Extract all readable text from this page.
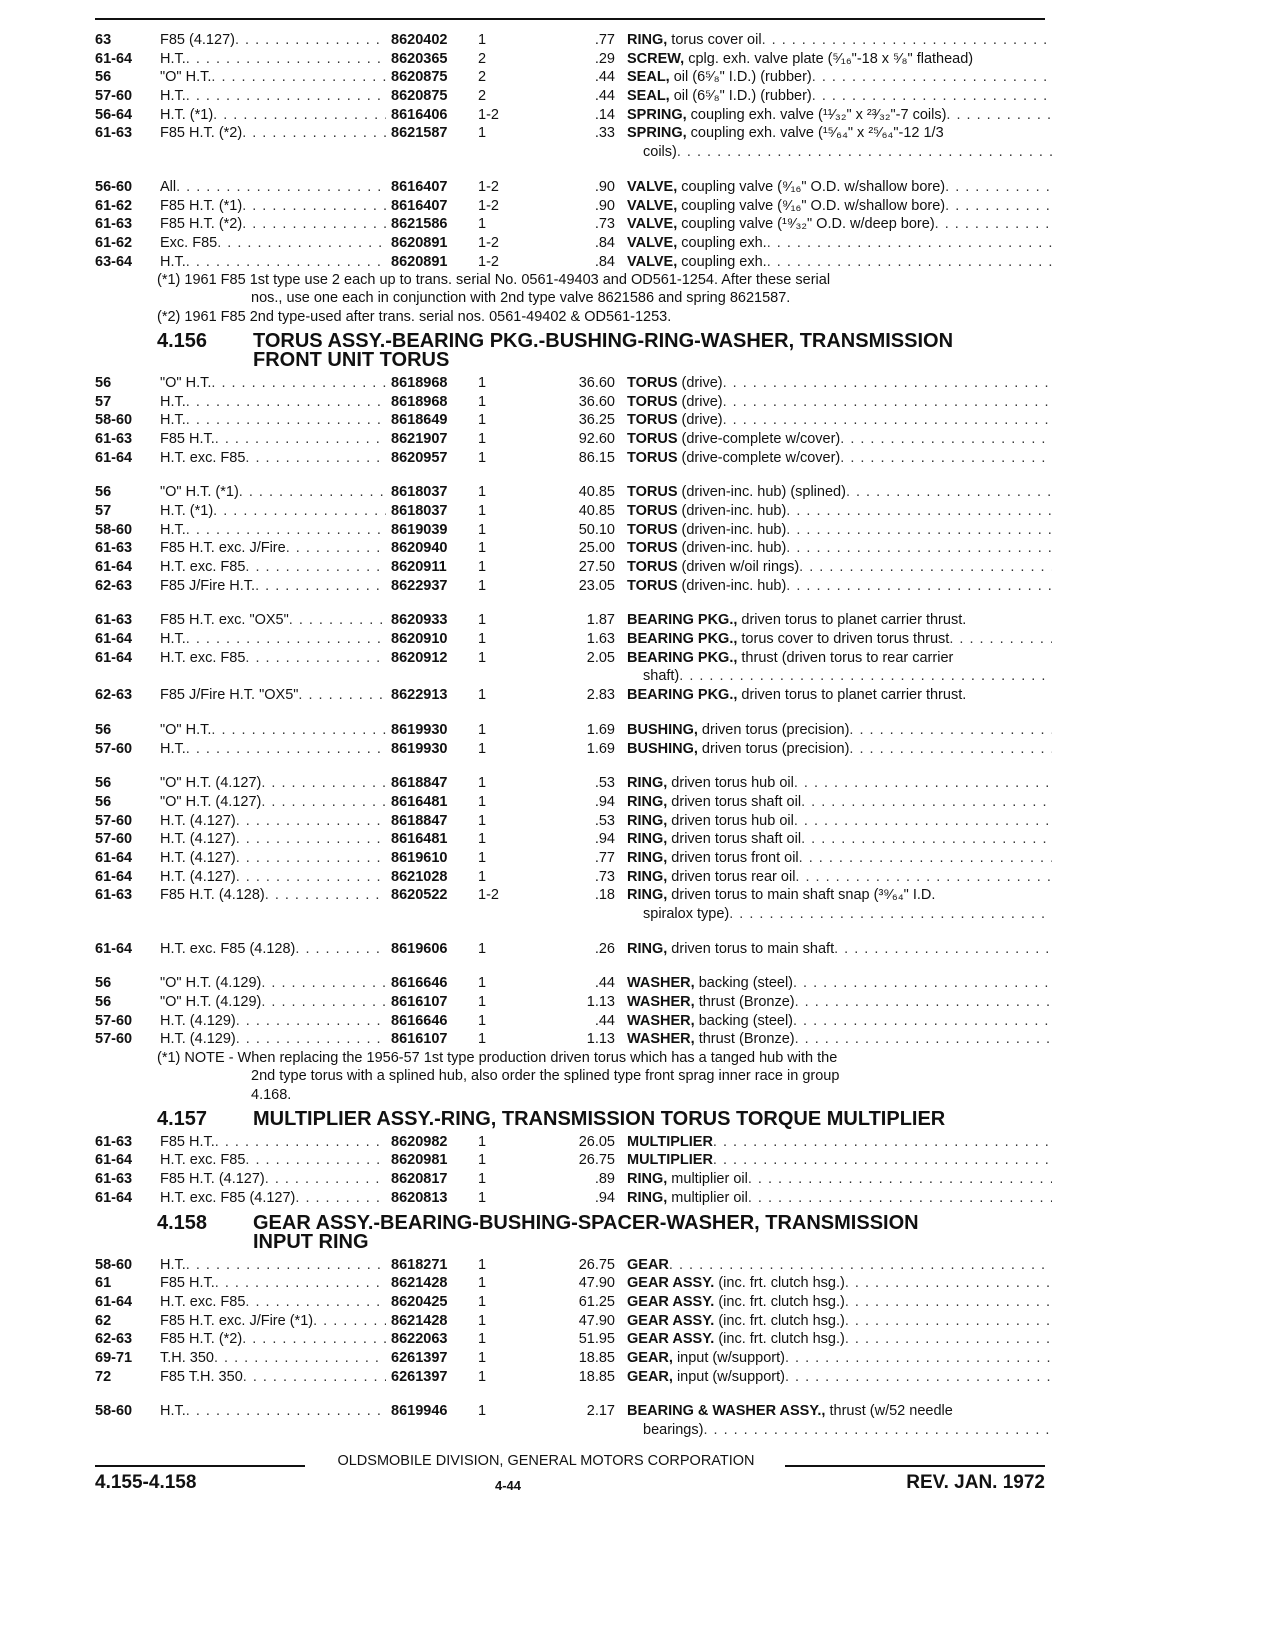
63	F85 (4.127) . . .	8620402	1	.77 RING, torus cover oil
. . .
61-64	H.T. . . .	8620365	2	.29 SCREW, cplg. exh. valve plate (⁵⁄₁₆"-18 x ⁵⁄₈" flathead)
56	"O" H.T. . . .	8620875	2	.44 SEAL, oil (6⁵⁄₈" I.D.) (rubber)
. . .
57-60	H.T. . . .	8620875	2	.44 SEAL, oil (6⁵⁄₈" I.D.) (rubber)
. . .
56-64	H.T. (*1) . . .	8616406	1-2	.14 SPRING, coupling exh. valve (¹¹⁄₃₂" x ²³⁄₃₂"-7 coils)
. . .
61-63	F85 H.T. (*2) . . .	8621587	1	.33 SPRING, coupling exh. valve (¹⁵⁄₆₄" x ²⁵⁄₆₄"-12 1/3
coils)
. . .
56-60	All . . .	8616407	1-2	.90 VALVE, coupling valve (⁹⁄₁₆" O.D. w/shallow bore)
. . .
61-62	F85 H.T. (*1) . . .	8616407	1-2	.90 VALVE, coupling valve (⁹⁄₁₆" O.D. w/shallow bore)
. . .
61-63	F85 H.T. (*2) . . .	8621586	1	.73 VALVE, coupling valve (¹⁹⁄₃₂" O.D. w/deep bore)
. . .
61-62	Exc. F85 . . .	8620891	1-2	.84 VALVE, coupling exh.
. . .
63-64	H.T. . . .	8620891	1-2	.84 VALVE, coupling exh.
. . .
(*1) 1961 F85 1st type use 2 each up to trans. serial No. 0561-49403 and OD561-1254. After these serial
nos., use one each in conjunction with 2nd type valve 8621586 and spring 8621587.
(*2) 1961 F85 2nd type-used after trans. serial nos. 0561-49402 & OD561-1253.
4.156 TORUS ASSY.-BEARING PKG.-BUSHING-RING-WASHER, TRANSMISSION
FRONT UNIT TORUS
56	"O" H.T. . . .	8618968	1	36.60 TORUS (drive)
. . .
57	H.T. . . .	8618968	1	36.60 TORUS (drive)
. . .
58-60	H.T. . . .	8618649	1	36.25 TORUS (drive)
. . .
61-63	F85 H.T. . . .	8621907	1	92.60 TORUS (drive-complete w/cover)
. . .
61-64	H.T. exc. F85 . . .	8620957	1	86.15 TORUS (drive-complete w/cover)
. . .
56	"O" H.T. (*1) . . .	8618037	1	40.85 TORUS (driven-inc. hub) (splined)
. . .
57	H.T. (*1) . . .	8618037	1	40.85 TORUS (driven-inc. hub)
. . .
58-60	H.T. . . .	8619039	1	50.10 TORUS (driven-inc. hub)
. . .
61-63	F85 H.T. exc. J/Fire . . .	8620940	1	25.00 TORUS (driven-inc. hub)
. . .
61-64	H.T. exc. F85 . . .	8620911	1	27.50 TORUS (driven w/oil rings)
. . .
62-63	F85 J/Fire H.T. . . .	8622937	1	23.05 TORUS (driven-inc. hub)
. . .
61-63	F85 H.T. exc. "OX5" . . .	8620933	1	1.87 BEARING PKG., driven torus to planet carrier thrust.
61-64	H.T. . . .	8620910	1	1.63 BEARING PKG., torus cover to driven torus thrust
. . .
61-64	H.T. exc. F85 . . .	8620912	1	2.05 BEARING PKG., thrust (driven torus to rear carrier
shaft)
. . .
62-63	F85 J/Fire H.T. "OX5" . . .	8622913	1	2.83 BEARING PKG., driven torus to planet carrier thrust.
56	"O" H.T. . . .	8619930	1	1.69 BUSHING, driven torus (precision)
. . .
57-60	H.T. . . .	8619930	1	1.69 BUSHING, driven torus (precision)
. . .
56	"O" H.T. (4.127) . . .	8618847	1	.53 RING, driven torus hub oil
. . .
56	"O" H.T. (4.127) . . .	8616481	1	.94 RING, driven torus shaft oil
. . .
57-60	H.T. (4.127) . . .	8618847	1	.53 RING, driven torus hub oil
. . .
57-60	H.T. (4.127) . . .	8616481	1	.94 RING, driven torus shaft oil
. . .
61-64	H.T. (4.127) . . .	8619610	1	.77 RING, driven torus front oil
. . .
61-64	H.T. (4.127) . . .	8621028	1	.73 RING, driven torus rear oil
. . .
61-63	F85 H.T. (4.128) . . .	8620522	1-2	.18 RING, driven torus to main shaft snap (³⁹⁄₆₄" I.D.
spiralox type)
. . .
61-64	H.T. exc. F85 (4.128) . . .	8619606	1	.26 RING, driven torus to main shaft
. . .
56	"O" H.T. (4.129) . . .	8616646	1	.44 WASHER, backing (steel)
. . .
56	"O" H.T. (4.129) . . .	8616107	1	1.13 WASHER, thrust (Bronze)
. . .
57-60	H.T. (4.129) . . .	8616646	1	.44 WASHER, backing (steel)
. . .
57-60	H.T. (4.129) . . .	8616107	1	1.13 WASHER, thrust (Bronze)
. . .
(*1) NOTE - When replacing the 1956-57 1st type production driven torus which has a tanged hub with the
2nd type torus with a splined hub, also order the splined type front sprag inner race in group
4.168.
4.157 MULTIPLIER ASSY.-RING, TRANSMISSION TORUS TORQUE MULTIPLIER
61-63	F85 H.T. . . .	8620982	1	26.05 MULTIPLIER
. . .
61-64	H.T. exc. F85 . . .	8620981	1	26.75 MULTIPLIER
. . .
61-63	F85 H.T. (4.127) . . .	8620817	1	.89 RING, multiplier oil
. . .
61-64	H.T. exc. F85 (4.127) . . .	8620813	1	.94 RING, multiplier oil
. . .
4.158 GEAR ASSY.-BEARING-BUSHING-SPACER-WASHER, TRANSMISSION
INPUT RING
58-60	H.T. . . .	8618271	1	26.75 GEAR
. . .
61	F85 H.T. . . .	8621428	1	47.90 GEAR ASSY. (inc. frt. clutch hsg.)
. . .
61-64	H.T. exc. F85 . . .	8620425	1	61.25 GEAR ASSY. (inc. frt. clutch hsg.)
. . .
62	F85 H.T. exc. J/Fire (*1) . . .	8621428	1	47.90 GEAR ASSY. (inc. frt. clutch hsg.)
. . .
62-63	F85 H.T. (*2) . . .	8622063	1	51.95 GEAR ASSY. (inc. frt. clutch hsg.)
. . .
69-71	T.H. 350 . . .	6261397	1	18.85 GEAR, input (w/support)
. . .
72	F85 T.H. 350 . . .	6261397	1	18.85 GEAR, input (w/support)
. . .
58-60	H.T. . . .	8619946	1	2.17 BEARING & WASHER ASSY., thrust (w/52 needle
bearings)
. . .
OLDSMOBILE DIVISION, GENERAL MOTORS CORPORATION
4.155-4.158	4-44	REV. JAN. 1972
